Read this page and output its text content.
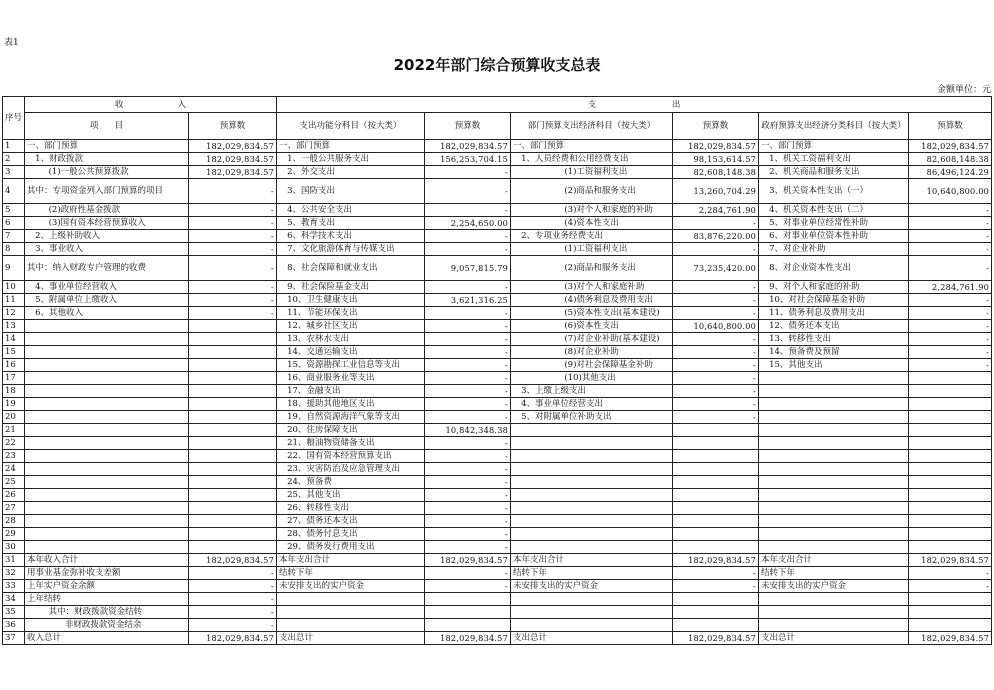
表1
2022年部门综合预算收支总表
金额单位：元
序号	收                    入		支                            出					
	项      目	预算数	支出功能分科目（按大类）	预算数	部门预算支出经济科目（按大类）	预算数	政府预算支出经济分类科目（按大类）	预算数
1	一、部门预算	182,029,834.57	一、部门预算	182,029,834.57	一、部门预算	182,029,834.57	一、部门预算	182,029,834.57
2	1、财政拨款	182,029,834.57	1、一般公共服务支出	156,253,704.15	1、人员经费和公用经费支出	98,153,614.57	1、机关工资福利支出	82,608,148.38
3	(1)一般公共预算拨款	182,029,834.57	2、外交支出	-	(1)工资福利支出	82,608,148.38	2、机关商品和服务支出	86,496,124.29
4	其中：专项资金列入部门预算的项目	-	3、国防支出	-	(2)商品和服务支出	13,260,704.29	3、机关资本性支出（一）	10,640,800.00
5	(2)政府性基金拨款	-	4、公共安全支出	-	(3)对个人和家庭的补助	2,284,761.90	4、机关资本性支出（二）	-
6	(3)国有资本经营预算收入	-	5、教育支出	2,254,650.00	(4)资本性支出	-	5、对事业单位经常性补助	-
7	2、上级补助收入	-	6、科学技术支出	-	2、专项业务经费支出	83,876,220.00	6、对事业单位资本性补助	-
8	3、事业收入	-	7、文化旅游体育与传媒支出	-	(1)工资福利支出	-	7、对企业补助	-
9	其中：纳入财政专户管理的收费	-	8、社会保障和就业支出	9,057,815.79	(2)商品和服务支出	73,235,420.00	8、对企业资本性支出	-
10	4、事业单位经营收入	-	9、社会保险基金支出	-	(3)对个人和家庭补助	-	9、对个人和家庭的补助	2,284,761.90
11	5、附属单位上缴收入	-	10、卫生健康支出	3,621,316.25	(4)债务利息及费用支出	-	10、对社会保障基金补助	-
12	6、其他收入	-	11、节能环保支出	-	(5)资本性支出(基本建设)	-	11、债务利息及费用支出	-
13			12、城乡社区支出	-	(6)资本性支出	10,640,800.00	12、债务还本支出	-
14			13、农林水支出	-	(7)对企业补助(基本建设)	-	13、转移性支出	-
15			14、交通运输支出	-	(8)对企业补助	-	14、预备费及预留	-
16			15、资源勘探工业信息等支出	-	(9)对社会保障基金补助	-	15、其他支出	-
17			16、商业服务业等支出	-	(10)其他支出	-		
18			17、金融支出	-	3、上缴上级支出	-		
19			18、援助其他地区支出	-	4、事业单位经营支出	-		
20			19、自然资源海洋气象等支出	-	5、对附属单位补助支出	-		
21			20、住房保障支出	10,842,348.38				
22			21、粮油物资储备支出	-				
23			22、国有资本经营预算支出	-				
24			23、灾害防治及应急管理支出	-				
25			24、预备费	-				
26			25、其他支出	-				
27			26、转移性支出	-				
28			27、债务还本支出	-				
29			28、债务付息支出	-				
30			29、债务发行费用支出	-				
31	本年收入合计	182,029,834.57	本年支出合计	182,029,834.57	本年支出合计	182,029,834.57	本年支出合计	182,029,834.57
32	用事业基金弥补收支差额	-	结转下年	-	结转下年	-	结转下年	-
33	上年实户资金余额	-	未安排支出的实户资金	-	未安排支出的实户资金	-	未安排支出的实户资金	-
34	上年结转	-						
35	其中：财政拨款资金结转	-						
36	非财政拨款资金结余	-						
37	收入总计	182,029,834.57	支出总计	182,029,834.57	支出总计	182,029,834.57	支出总计	182,029,834.57
